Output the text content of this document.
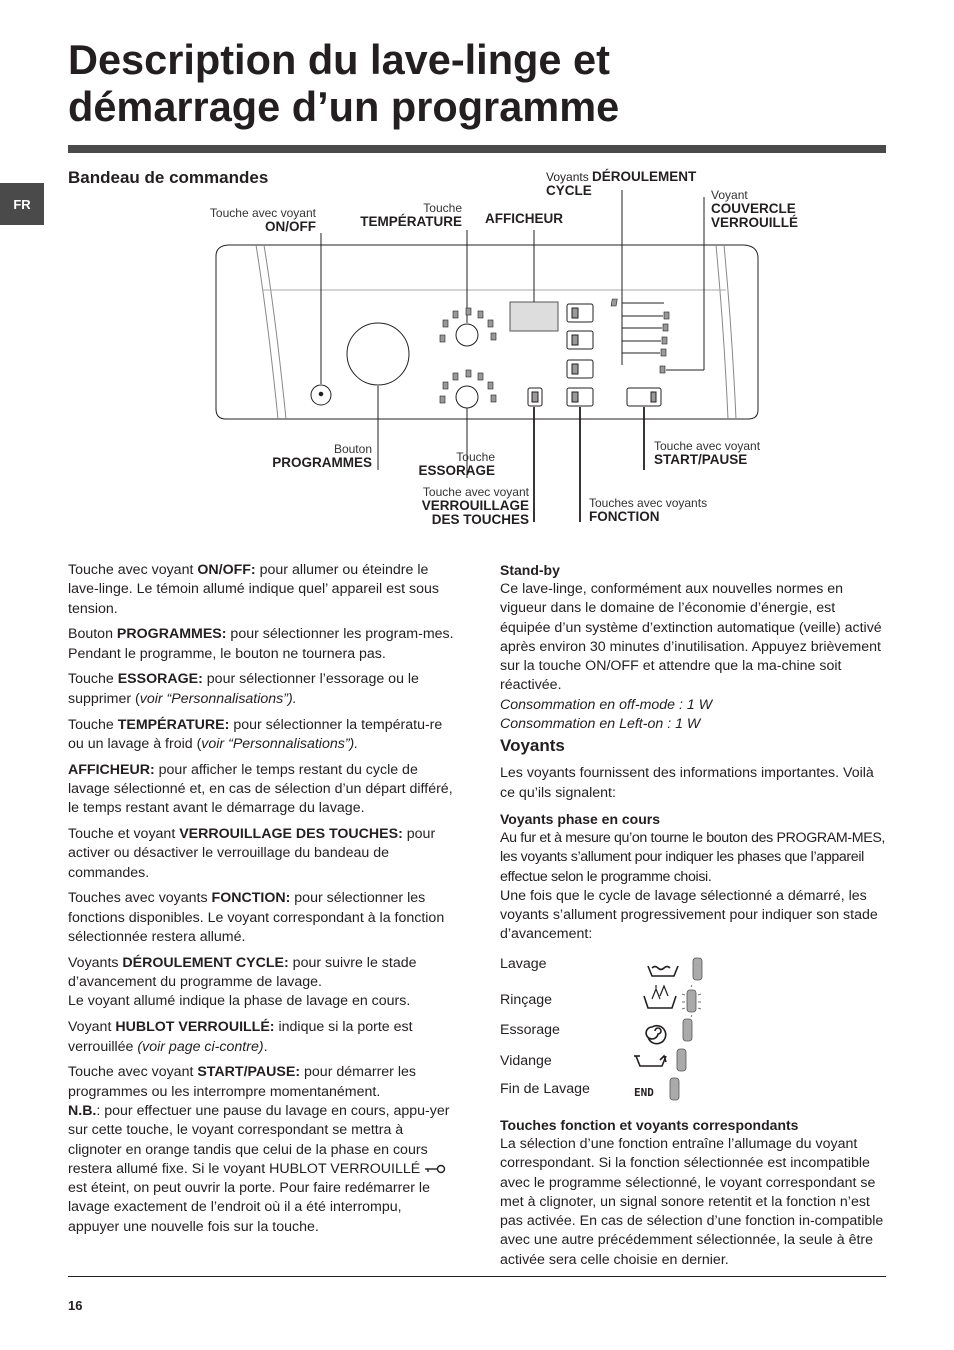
Description du lave-linge et
démarrage d’un programme
FR
Bandeau de commandes
Touche avec voyant
ON/OFF
Touche
TEMPÉRATURE AFFICHEUR
Voyants DÉROULEMENT
CYCLE	Voyant
COUVERCLE
VERROUILLÉ
Bouton
PROGRAMMES	Touche
ESSORAGE
Touche avec voyant
VERROUILLAGE
DES TOUCHES
Touches avec voyants
FONCTION
Touche avec voyant
START/PAUSE

Touche avec voyant ON/OFF: pour allumer ou éteindre le lave-linge. Le témoin allumé indique quel’ appareil est sous tension.

Bouton PROGRAMMES: pour sélectionner les program-mes. Pendant le programme, le bouton ne tournera pas.

Touche ESSORAGE: pour sélectionner l’essorage ou le supprimer (voir “Personnalisations”).

Touche TEMPÉRATURE: pour sélectionner la températu-re ou un lavage à froid (voir “Personnalisations”).

AFFICHEUR: pour afficher le temps restant du cycle de lavage sélectionné et, en cas de sélection d’un départ différé, le temps restant avant le démarrage du lavage.

Touche et voyant VERROUILLAGE DES TOUCHES: pour activer ou désactiver le verrouillage du bandeau de commandes.

Touches avec voyants FONCTION: pour sélectionner les fonctions disponibles. Le voyant correspondant à la fonction sélectionnée restera allumé.

Voyants DÉROULEMENT CYCLE: pour suivre le stade d’avancement du programme de lavage.
Le voyant allumé indique la phase de lavage en cours.

Voyant HUBLOT VERROUILLÉ: indique si la porte est verrouillée (voir page ci-contre).

Touche avec voyant START/PAUSE: pour démarrer les programmes ou les interrompre momentanément.

N.B.: pour effectuer une pause du lavage en cours, appu-yer sur cette touche, le voyant correspondant se mettra à clignoter en orange tandis que celui de la phase en cours restera allumé fixe. Si le voyant HUBLOT VERROUILLÉ  est éteint, on peut ouvrir la porte. Pour faire redémarrer le lavage exactement de l’endroit où il a été interrompu, appuyer une nouvelle fois sur la touche.

Stand-by

Ce lave-linge, conformément aux nouvelles normes en vigueur dans le domaine de l’économie d’énergie, est équipée d’un système d’extinction automatique (veille) activé après environ 30 minutes d’inutilisation. Appuyez brièvement sur la touche ON/OFF et attendre que la ma-chine soit réactivée.

Consommation en off-mode : 1 W

Consommation en Left-on : 1 W

Voyants

Les voyants fournissent des informations importantes. Voilà ce qu’ils signalent:

Voyants phase en cours

Au fur et à mesure qu’on tourne le bouton des PROGRAM-MES, les voyants s’allument pour indiquer les phases que l’appareil effectue selon le programme choisi.

Une fois que le cycle de lavage sélectionné a démarré, les voyants s’allument progressivement pour indiquer son stade d’avancement:

Lavage
Rinçage
Essorage
Vidange
Fin de Lavage	END
Touches fonction et voyants correspondants

La sélection d’une fonction entraîne l’allumage du voyant correspondant. Si la fonction sélectionnée est incompatible avec le programme sélectionné, le voyant correspondant se met à clignoter, un signal sonore retentit et la fonction n’est pas activée. En cas de sélection d’une fonction in-compatible avec une autre précédemment sélectionnée, la seule à être activée sera celle choisie en dernier.

16
